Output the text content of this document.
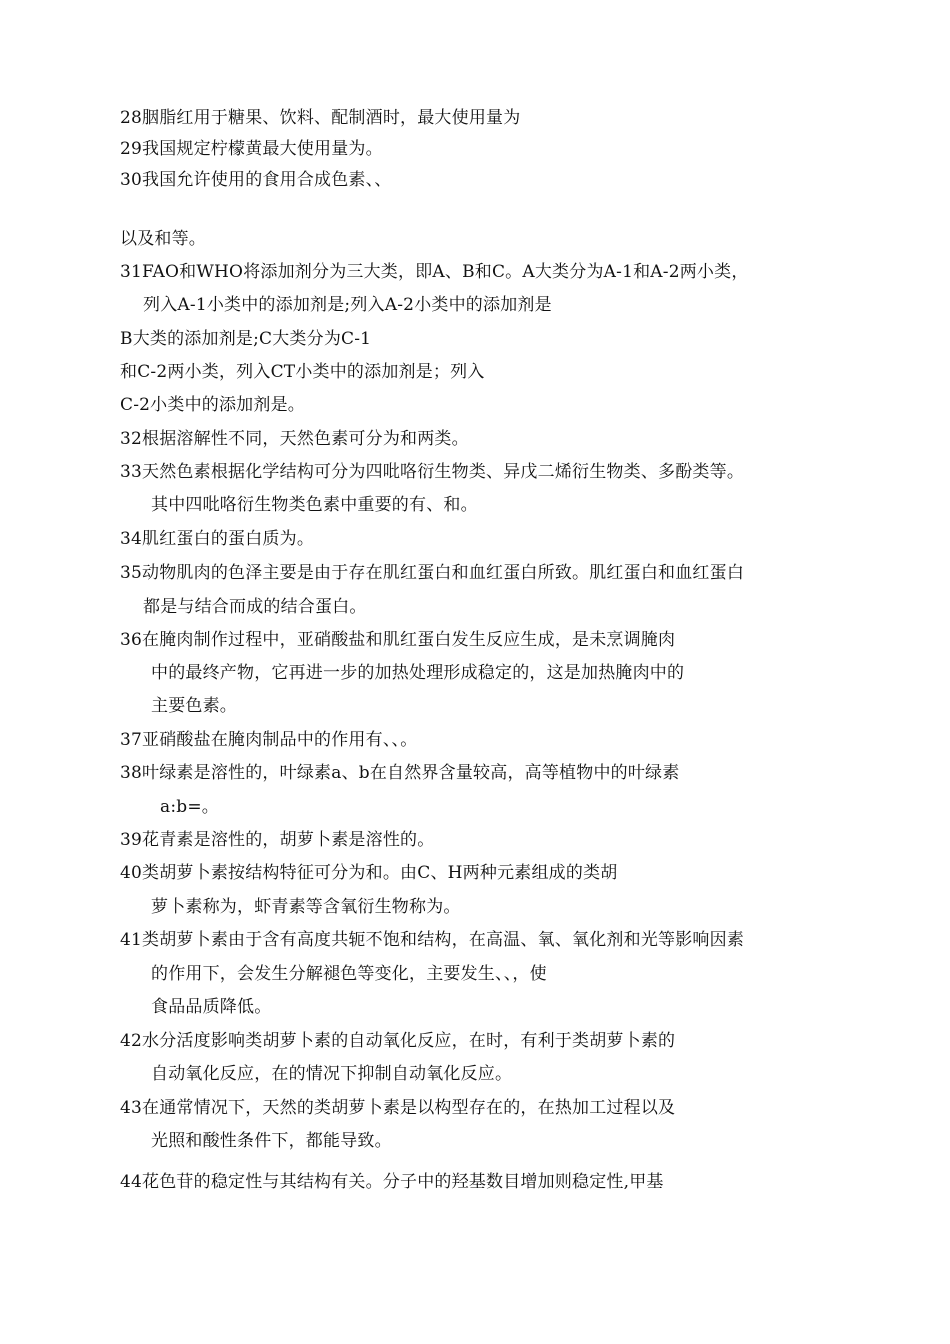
28胭脂红用于糖果、饮料、配制酒时，最大使用量为

29我国规定柠檬黄最大使用量为。

30我国允许使用的食用合成色素、、

以及和等。

31FAO和WHO将添加剂分为三大类，即A、B和C。A大类分为A-1和A-2两小类，

列入A-1小类中的添加剂是;列入A-2小类中的添加剂是

B大类的添加剂是;C大类分为C-1

和C-2两小类，列入CT小类中的添加剂是；列入

C-2小类中的添加剂是。

32根据溶解性不同，天然色素可分为和两类。

33天然色素根据化学结构可分为四吡咯衍生物类、异戊二烯衍生物类、多酚类等。

其中四吡咯衍生物类色素中重要的有、和。

34肌红蛋白的蛋白质为。

35动物肌肉的色泽主要是由于存在肌红蛋白和血红蛋白所致。肌红蛋白和血红蛋白

都是与结合而成的结合蛋白。

36在腌肉制作过程中，亚硝酸盐和肌红蛋白发生反应生成，是未烹调腌肉

中的最终产物，它再进一步的加热处理形成稳定的，这是加热腌肉中的

主要色素。

37亚硝酸盐在腌肉制品中的作用有、、。

38叶绿素是溶性的，叶绿素a、b在自然界含量较高，高等植物中的叶绿素

a:b=。

39花青素是溶性的，胡萝卜素是溶性的。

40类胡萝卜素按结构特征可分为和。由C、H两种元素组成的类胡

萝卜素称为，虾青素等含氧衍生物称为。

41类胡萝卜素由于含有高度共轭不饱和结构，在高温、氧、氧化剂和光等影响因素

的作用下，会发生分解褪色等变化，主要发生、、，使

食品品质降低。

42水分活度影响类胡萝卜素的自动氧化反应，在时，有利于类胡萝卜素的

自动氧化反应，在的情况下抑制自动氧化反应。

43在通常情况下，天然的类胡萝卜素是以构型存在的，在热加工过程以及

光照和酸性条件下，都能导致。

44花色苷的稳定性与其结构有关。分子中的羟基数目增加则稳定性,甲基
